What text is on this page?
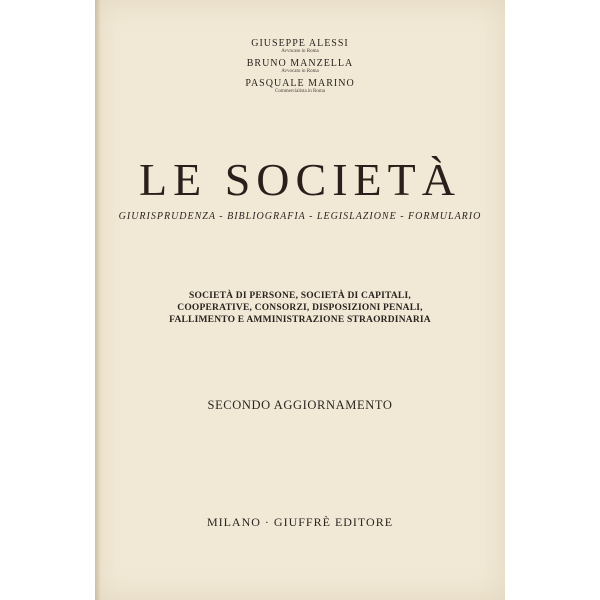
GIUSEPPE ALESSI
Avvocato in Roma
BRUNO MANZELLA
Avvocato in Roma
PASQUALE MARINO
Commercialista in Roma
LE SOCIETÀ
GIURISPRUDENZA - BIBLIOGRAFIA - LEGISLAZIONE - FORMULARIO
SOCIETÀ DI PERSONE, SOCIETÀ DI CAPITALI,
COOPERATIVE, CONSORZI, DISPOSIZIONI PENALI,
FALLIMENTO E AMMINISTRAZIONE STRAORDINARIA
SECONDO AGGIORNAMENTO
MILANO · GIUFFRÈ EDITORE
